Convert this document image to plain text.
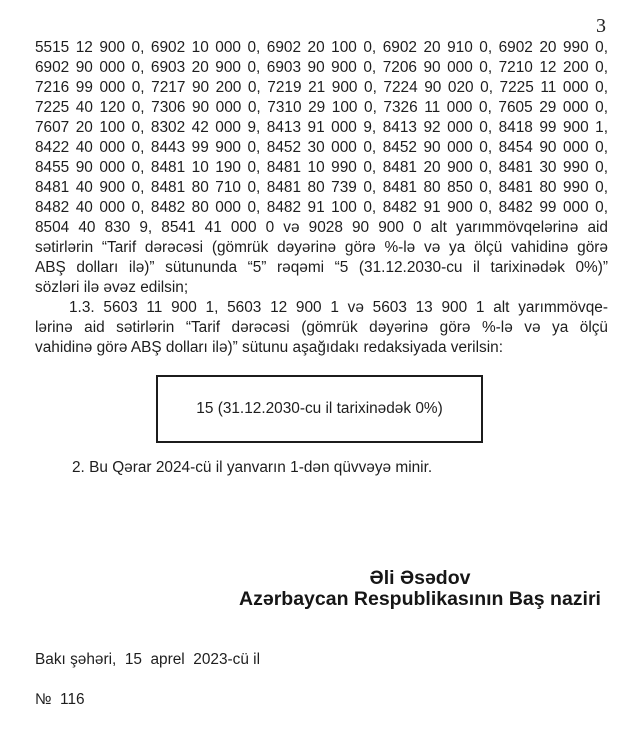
3
5515 12 900 0, 6902 10 000 0, 6902 20 100 0, 6902 20 910 0, 6902 20 990 0,
6902 90 000 0, 6903 20 900 0, 6903 90 900 0, 7206 90 000 0, 7210 12 200 0,
7216 99 000 0, 7217 90 200 0, 7219 21 900 0, 7224 90 020 0, 7225 11 000 0,
7225 40 120 0, 7306 90 000 0, 7310 29 100 0, 7326 11 000 0, 7605 29 000 0,
7607 20 100 0, 8302 42 000 9, 8413 91 000 9, 8413 92 000 0, 8418 99 900 1,
8422 40 000 0, 8443 99 900 0, 8452 30 000 0, 8452 90 000 0, 8454 90 000 0,
8455 90 000 0, 8481 10 190 0, 8481 10 990 0, 8481 20 900 0, 8481 30 990 0,
8481 40 900 0, 8481 80 710 0, 8481 80 739 0, 8481 80 850 0, 8481 80 990 0,
8482 40 000 0, 8482 80 000 0, 8482 91 100 0, 8482 91 900 0, 8482 99 000 0,
8504 40 830 9, 8541 41 000 0 və 9028 90 900 0 alt yarımmövqelərinə aid
sətirlərin “Tarif dərəcəsi (gömrük dəyərinə görə %-lə və ya ölçü vahidinə görə
ABŞ dolları ilə)” sütununda “5” rəqəmi “5 (31.12.2030-cu il tarixinədək 0%)”
sözləri ilə əvəz edilsin;
1.3. 5603 11 900 1, 5603 12 900 1 və 5603 13 900 1 alt yarımmövqe-
lərinə aid sətirlərin “Tarif dərəcəsi (gömrük dəyərinə görə %-lə və ya ölçü
vahidinə görə ABŞ dolları ilə)” sütunu aşağıdakı redaksiyada verilsin:
15 (31.12.2030-cu il tarixinədək 0%)
2. Bu Qərar 2024-cü il yanvarın 1-dən qüvvəyə minir.
Əli Əsədov
Azərbaycan Respublikasının Baş naziri
Bakı şəhəri,  15  aprel  2023-cü il
№  116
